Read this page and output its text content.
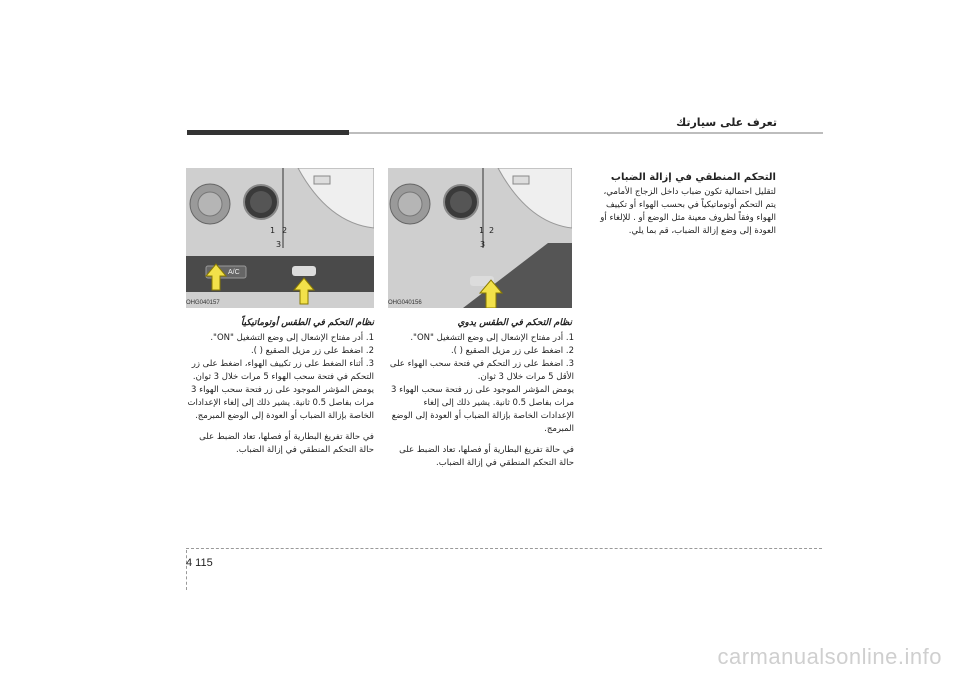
تعرف على سيارتك
التحكم المنطقي في إزالة الضباب
لتقليل احتمالية تكون ضباب داخل الزجاج الأمامي، يتم التحكم أوتوماتيكياً في بحسب الهواء أو تكييف الهواء وفقاً لظروف معينة مثل الوضع أو . للإلغاء أو العودة إلى وضع إزالة الضباب، قم بما يلي.
1 2
3
OHG040156
1 2
3
A/C
OHG040157
نظام التحكم في الطقس يدوي

1. أدر مفتاح الإشعال إلى وضع التشغيل "ON".

2. اضغط على زر مزيل الصقيع ( ).

3. اضغط على زر التحكم في فتحة سحب الهواء على الأقل 5 مرات خلال 3 ثوان.

يومض المؤشر الموجود على زر فتحة سحب الهواء 3 مرات بفاصل 0.5 ثانية. يشير ذلك إلى إلغاء الإعدادات الخاصة بإزالة الضباب أو العودة إلى الوضع المبرمج.

في حالة تفريغ البطارية أو فصلها، تعاد الضبط على حالة التحكم المنطقي في إزالة الضباب.

نظام التحكم في الطقس أوتوماتيكياً

1. أدر مفتاح الإشعال إلى وضع التشغيل "ON".

2. اضغط على زر مزيل الصقيع ( ).

3. أثناء الضغط على زر تكييف الهواء، اضغط على زر التحكم في فتحة سحب الهواء 5 مرات خلال 3 ثوان.

يومض المؤشر الموجود على زر فتحة سحب الهواء 3 مرات بفاصل 0.5 ثانية. يشير ذلك إلى إلغاء الإعدادات الخاصة بإزالة الضباب أو العودة إلى الوضع المبرمج.

في حالة تفريغ البطارية أو فصلها، تعاد الضبط على حالة التحكم المنطقي في إزالة الضباب.

4 115
carmanualsonline.info
